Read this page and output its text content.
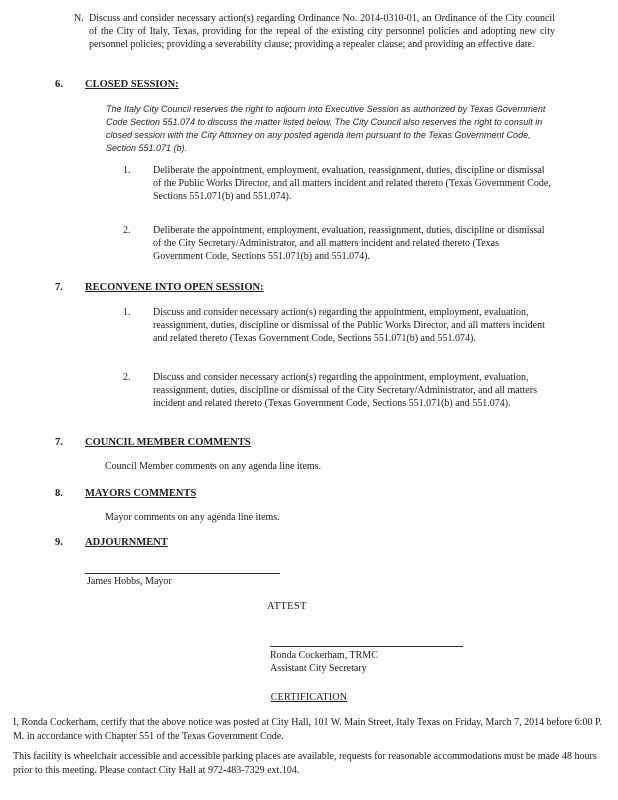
N. Discuss and consider necessary action(s) regarding Ordinance No. 2014-0310-01, an Ordinance of the City council of the City of Italy, Texas, providing for the repeal of the existing city personnel policies and adopting new city personnel policies; providing a severability clause; providing a repealer clause; and providing an effective date.
6.	CLOSED SESSION:
The Italy City Council reserves the right to adjourn into Executive Session as authorized by Texas Government Code Section 551.074 to discuss the matter listed below. The City Council also reserves the right to consult in closed session with the City Attorney on any posted agenda item pursuant to the Texas Government Code, Section 551.071 (b).
1.	Deliberate the appointment, employment, evaluation, reassignment, duties, discipline or dismissal of the Public Works Director, and all matters incident and related thereto (Texas Government Code, Sections 551.071(b) and 551.074).
2.	Deliberate the appointment, employment, evaluation, reassignment, duties, discipline or dismissal of the City Secretary/Administrator, and all matters incident and related thereto (Texas Government Code, Sections 551.071(b) and 551.074).
7.	RECONVENE INTO OPEN SESSION:
1.	Discuss and consider necessary action(s) regarding the appointment, employment, evaluation, reassignment, duties, discipline or dismissal of the Public Works Director, and all matters incident and related thereto (Texas Government Code, Sections 551.071(b) and 551.074).
2.	Discuss and consider necessary action(s) regarding the appointment, employment, evaluation, reassignment, duties, discipline or dismissal of the City Secretary/Administrator, and all matters incident and related thereto (Texas Government Code, Sections 551.071(b) and 551.074).
7.	COUNCIL MEMBER COMMENTS
Council Member comments on any agenda line items.
8.	MAYORS COMMENTS
Mayor comments on any agenda line items.
9.	ADJOURNMENT
James Hobbs, Mayor
ATTEST
Ronda Cockerham, TRMC
Assistant City Secretary
CERTIFICATION
I, Ronda Cockerham, certify that the above notice was posted at City Hall, 101 W. Main Street, Italy Texas on Friday, March 7, 2014 before 6:00 P. M. in accordance with Chapter 551 of the Texas Government Code.
This facility is wheelchair accessible and accessible parking places are available, requests for reasonable accommodations must be made 48 hours prior to this meeting. Please contact City Hall at 972-483-7329 ext.104.
